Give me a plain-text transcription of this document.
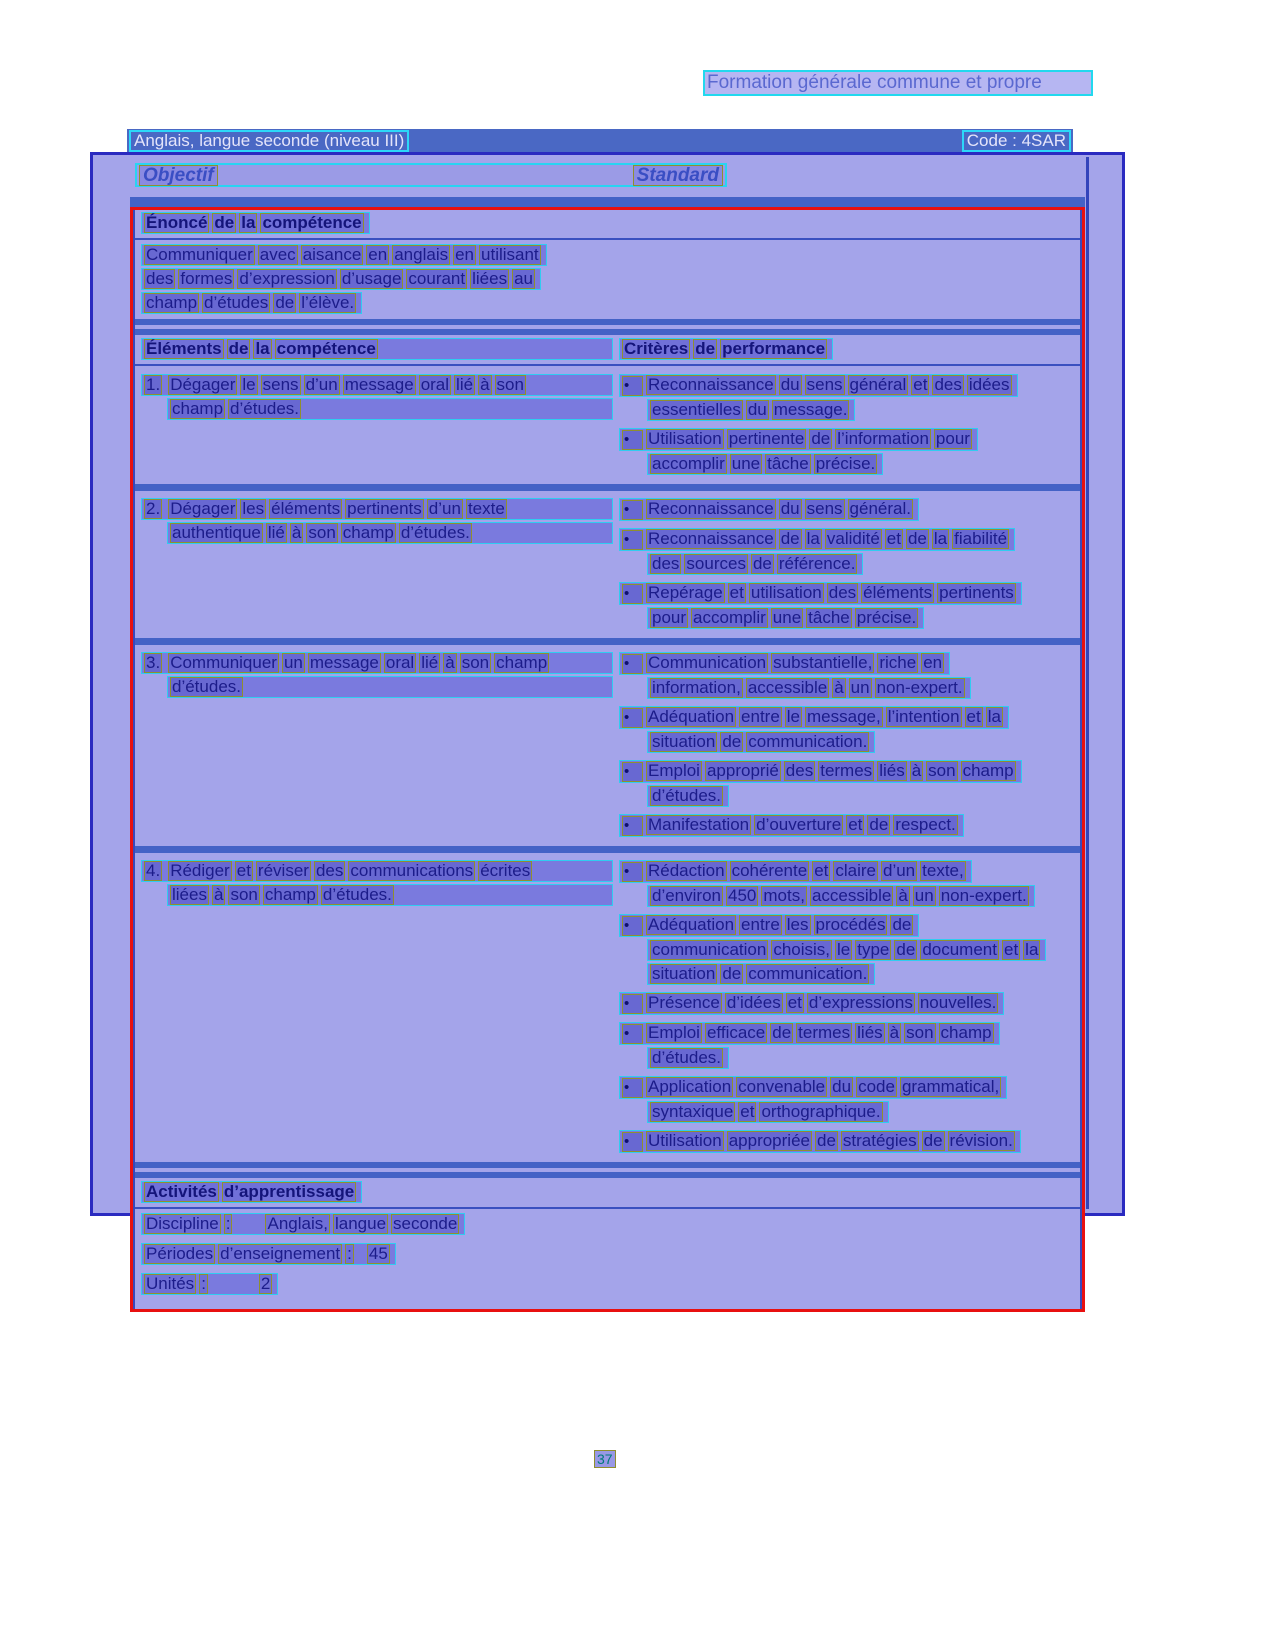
Formation générale commune et propre
Anglais, langue seconde (niveau III)	Code : 4SAR
Objectif	Standard
Énoncé de la compétence
Communiquer avec aisance en anglais en utilisant
des formes d’expression d’usage courant liées au
champ d’études de l’élève.
Éléments de la compétence	Critères de performance
1. Dégager le sens d’un message oral lié à son
champ d’études.
•	Reconnaissance du sens général et des idées
essentielles du message.
•	Utilisation pertinente de l’information pour
accomplir une tâche précise.
2. Dégager les éléments pertinents d’un texte
authentique lié à son champ d’études.
•	Reconnaissance du sens général.
•	Reconnaissance de la validité et de la fiabilité
des sources de référence.
•	Repérage et utilisation des éléments pertinents
pour accomplir une tâche précise.
3. Communiquer un message oral lié à son champ
d’études.
•	Communication substantielle, riche en
information, accessible à un non-expert.
•	Adéquation entre le message, l’intention et la
situation de communication.
•	Emploi approprié des termes liés à son champ
d’études.
•	Manifestation d’ouverture et de respect.
4. Rédiger et réviser des communications écrites
liées à son champ d’études.
•	Rédaction cohérente et claire d’un texte,
d’environ 450 mots, accessible à un non-expert.
•	Adéquation entre les procédés de
communication choisis, le type de document et la
situation de communication.
•	Présence d’idées et d’expressions nouvelles.
•	Emploi efficace de termes liés à son champ
d’études.
•	Application convenable du code grammatical,
syntaxique et orthographique.
•	Utilisation appropriée de stratégies de révision.
Activités d’apprentissage
Discipline : Anglais, langue seconde
Périodes d’enseignement : 45
Unités :	2
37
